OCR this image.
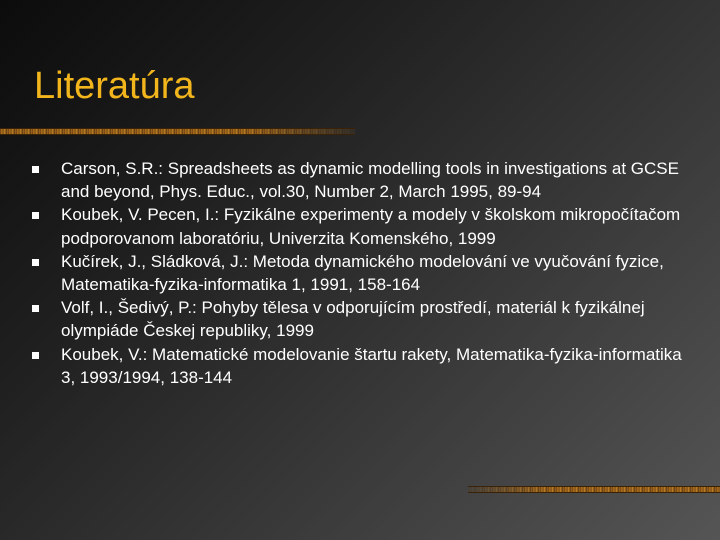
Literatúra
Carson, S.R.: Spreadsheets as dynamic modelling tools in investigations at GCSE and beyond, Phys. Educ., vol.30, Number 2, March 1995, 89-94
Koubek, V. Pecen, I.: Fyzikálne experimenty a modely v školskom mikropočítačom podporovanom laboratóriu, Univerzita Komenského, 1999
Kučírek, J., Sládková, J.: Metoda dynamického modelování ve vyučování fyzice, Matematika-fyzika-informatika 1, 1991, 158-164
Volf, I., Šedivý, P.: Pohyby tělesa v odporujícím prostředí, materiál k fyzikálnej olympiáde Českej republiky, 1999
Koubek, V.: Matematické modelovanie štartu rakety, Matematika-fyzika-informatika 3, 1993/1994, 138-144
